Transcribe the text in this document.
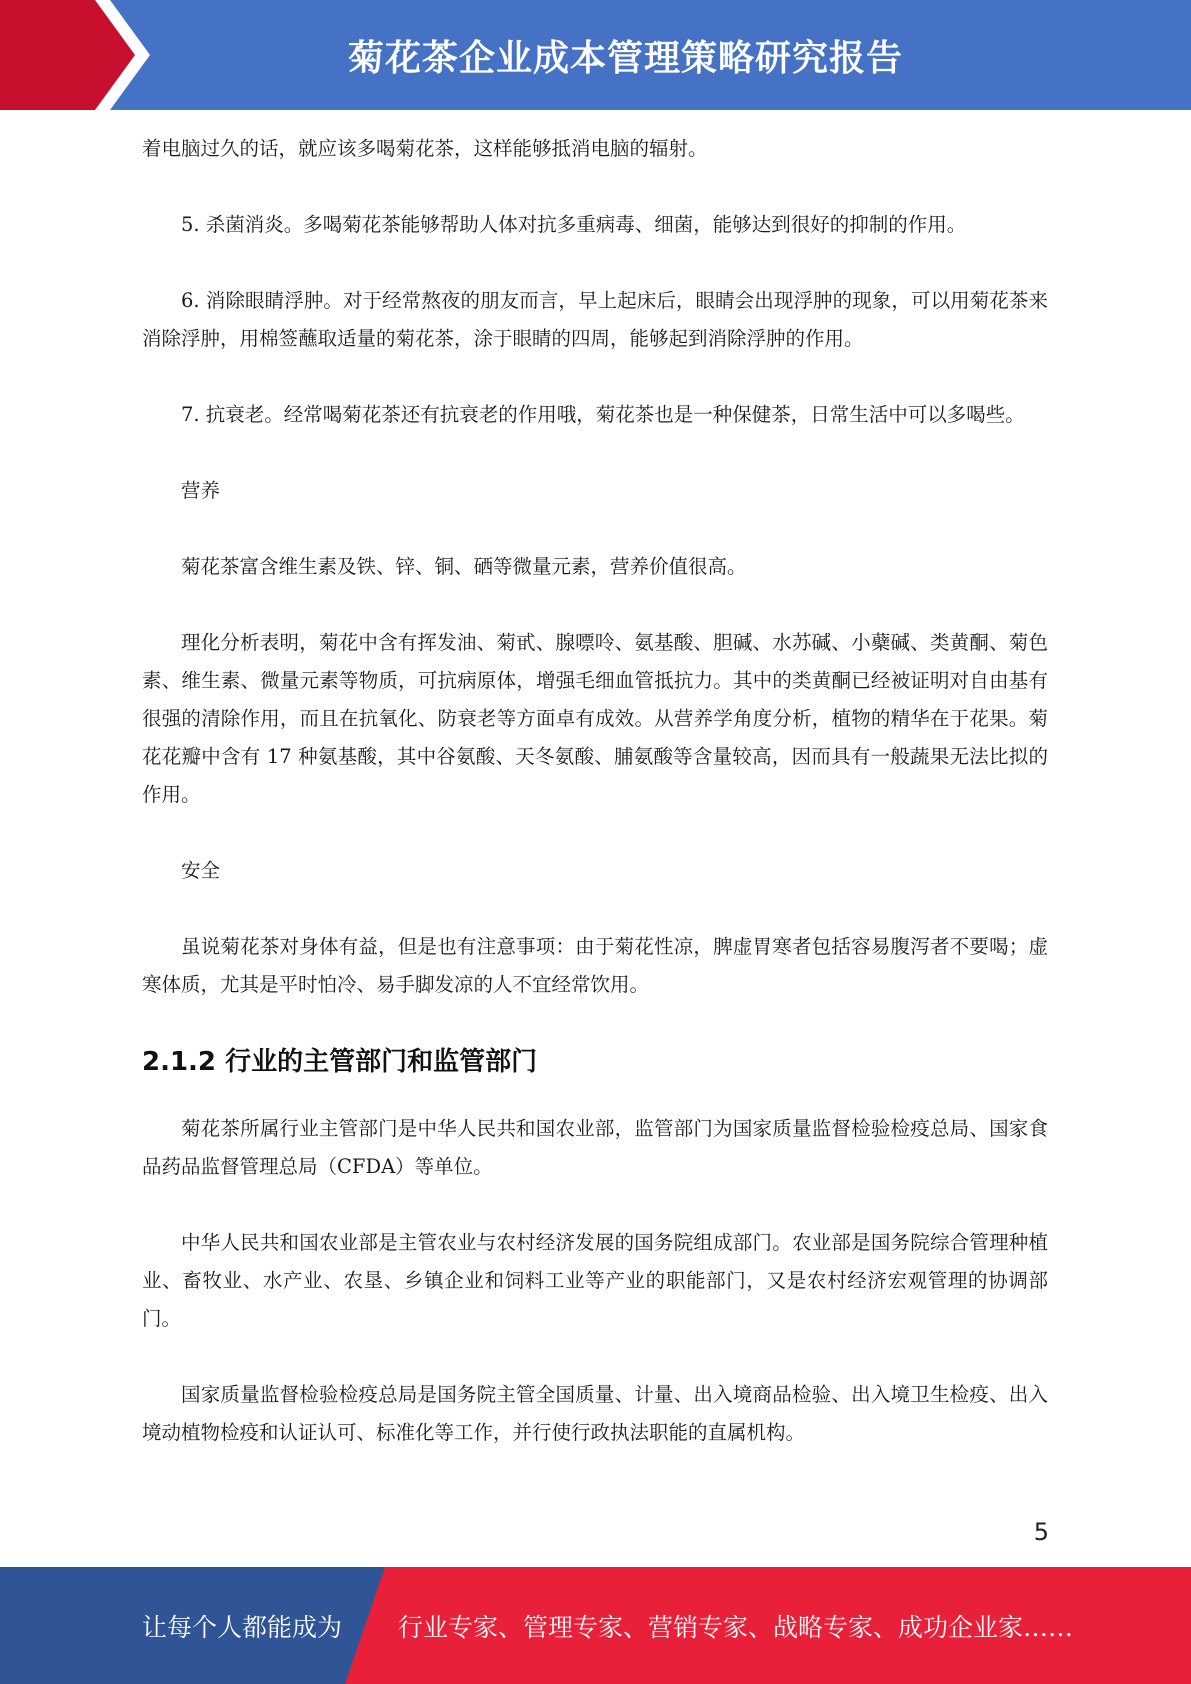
菊花茶企业成本管理策略研究报告

着电脑过久的话，就应该多喝菊花茶，这样能够抵消电脑的辐射。

5. 杀菌消炎。多喝菊花茶能够帮助人体对抗多重病毒、细菌，能够达到很好的抑制的作用。

6. 消除眼睛浮肿。对于经常熬夜的朋友而言，早上起床后，眼睛会出现浮肿的现象，可以用菊花茶来消除浮肿，用棉签蘸取适量的菊花茶，涂于眼睛的四周，能够起到消除浮肿的作用。

7. 抗衰老。经常喝菊花茶还有抗衰老的作用哦，菊花茶也是一种保健茶，日常生活中可以多喝些。

营养

菊花茶富含维生素及铁、锌、铜、硒等微量元素，营养价值很高。

理化分析表明，菊花中含有挥发油、菊甙、腺嘌呤、氨基酸、胆碱、水苏碱、小蘗碱、类黄酮、菊色素、维生素、微量元素等物质，可抗病原体，增强毛细血管抵抗力。其中的类黄酮已经被证明对自由基有很强的清除作用，而且在抗氧化、防衰老等方面卓有成效。从营养学角度分析，植物的精华在于花果。菊花花瓣中含有 17 种氨基酸，其中谷氨酸、天冬氨酸、脯氨酸等含量较高，因而具有一般蔬果无法比拟的作用。

安全

虽说菊花茶对身体有益，但是也有注意事项：由于菊花性凉，脾虚胃寒者包括容易腹泻者不要喝；虚寒体质，尤其是平时怕冷、易手脚发凉的人不宜经常饮用。

2.1.2 行业的主管部门和监管部门

菊花茶所属行业主管部门是中华人民共和国农业部，监管部门为国家质量监督检验检疫总局、国家食品药品监督管理总局（CFDA）等单位。

中华人民共和国农业部是主管农业与农村经济发展的国务院组成部门。农业部是国务院综合管理种植业、畜牧业、水产业、农垦、乡镇企业和饲料工业等产业的职能部门，又是农村经济宏观管理的协调部门。

国家质量监督检验检疫总局是国务院主管全国质量、计量、出入境商品检验、出入境卫生检疫、出入境动植物检疫和认证认可、标准化等工作，并行使行政执法职能的直属机构。

5
让每个人都能成为 行业专家、管理专家、营销专家、战略专家、成功企业家……
